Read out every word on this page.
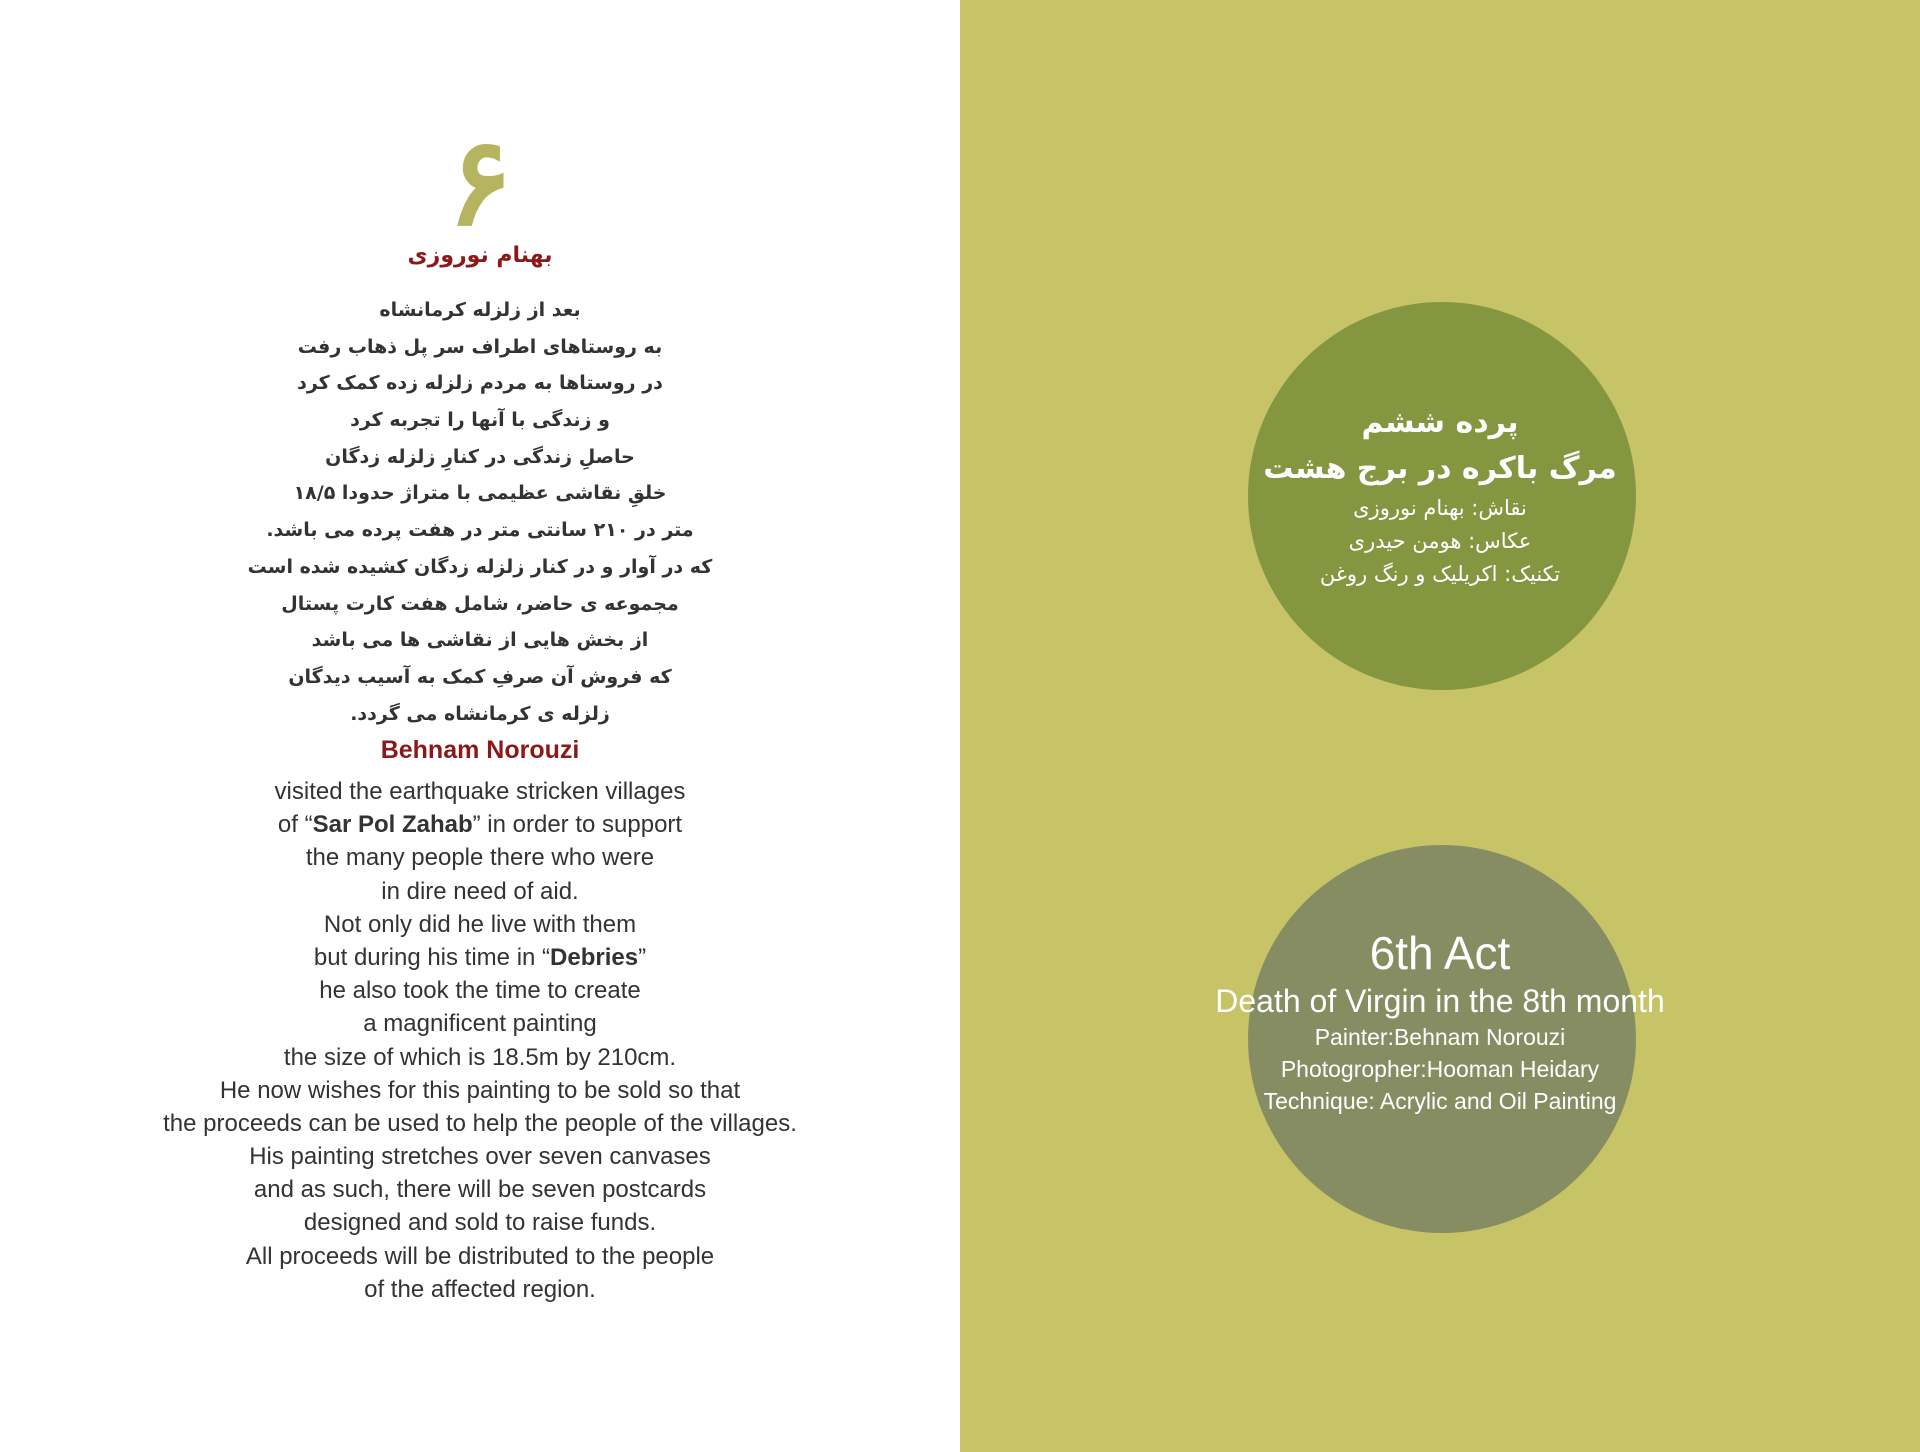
۶
بهنام نوروزی
بعد از زلزله کرمانشاه
به روستاهای اطراف سر پل ذهاب رفت
در روستاها به مردم زلزله زده کمک کرد
و زندگی با آنها را تجربه کرد
حاصلِ زندگی در کنارِ زلزله زدگان
خلقِ نقاشی عظیمی با متراژ حدودا ۱۸/۵
متر در ۲۱۰ سانتی متر در هفت پرده می باشد.
که در آوار و در کنار زلزله زدگان کشیده شده است
مجموعه ی حاضر، شامل هفت کارت پستال
از بخش هایی از نقاشی ها می باشد
که فروش آن صرفِ کمک به آسیب دیدگان
زلزله ی کرمانشاه می گردد.
Behnam Norouzi
visited the earthquake stricken villages
of “Sar Pol Zahab” in order to support
the many people there who were
in dire need of aid.
Not only did he live with them
but during his time in “Debries”
he also took the time to create
a magnificent painting
the size of which is 18.5m by 210cm.
He now wishes for this painting to be sold so that
the proceeds can be used to help the people of the villages.
His painting stretches over seven canvases
and as such, there will be seven postcards
designed and sold to raise funds.
All proceeds will be distributed to the people
of the affected region.
پرده ششم
مرگ باکره در برج هشت
نقاش: بهنام نوروزی
عکاس: هومن حیدری
تکنیک: اکریلیک و رنگ روغن
6th Act
Death of Virgin in the 8th month
Painter:Behnam Norouzi
Photogropher:Hooman Heidary
Technique: Acrylic and Oil Painting
